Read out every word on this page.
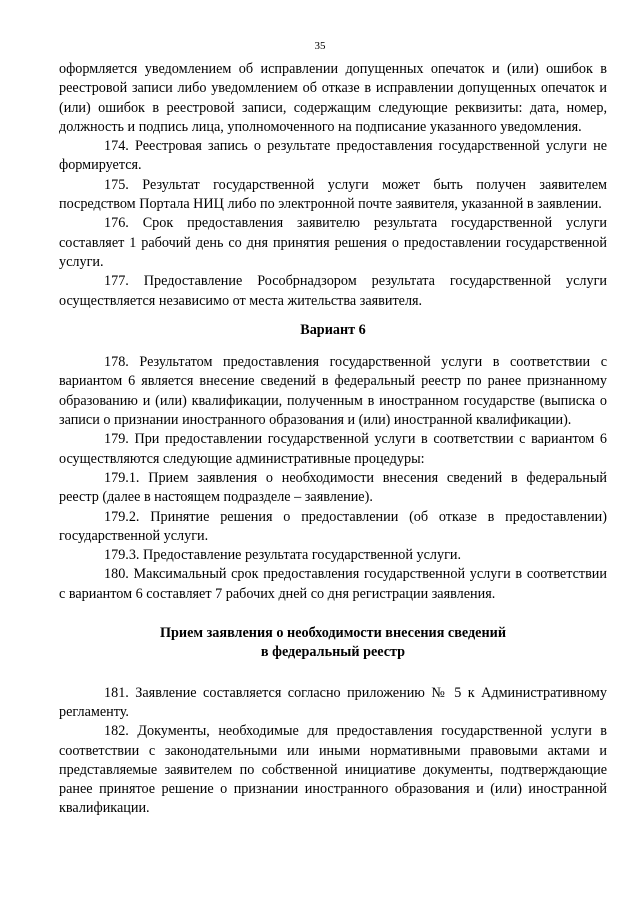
35

оформляется уведомлением об исправлении допущенных опечаток и (или) ошибок в реестровой записи либо уведомлением об отказе в исправлении допущенных опечаток и (или) ошибок в реестровой записи, содержащим следующие реквизиты: дата, номер, должность и подпись лица, уполномоченного на подписание указанного уведомления.

174. Реестровая запись о результате предоставления государственной услуги не формируется.

175. Результат государственной услуги может быть получен заявителем посредством Портала НИЦ либо по электронной почте заявителя, указанной в заявлении.

176. Срок предоставления заявителю результата государственной услуги составляет 1 рабочий день со дня принятия решения о предоставлении государственной услуги.

177. Предоставление Рособрнадзором результата государственной услуги осуществляется независимо от места жительства заявителя.

Вариант 6

178. Результатом предоставления государственной услуги в соответствии с вариантом 6 является внесение сведений в федеральный реестр по ранее признанному образованию и (или) квалификации, полученным в иностранном государстве (выписка о записи о признании иностранного образования и (или) иностранной квалификации).

179. При предоставлении государственной услуги в соответствии с вариантом 6 осуществляются следующие административные процедуры:

179.1. Прием заявления о необходимости внесения сведений в федеральный реестр (далее в настоящем подразделе – заявление).

179.2. Принятие решения о предоставлении (об отказе в предоставлении) государственной услуги.

179.3. Предоставление результата государственной услуги.

180. Максимальный срок предоставления государственной услуги в соответствии с вариантом 6 составляет 7 рабочих дней со дня регистрации заявления.

Прием заявления о необходимости внесения сведений
в федеральный реестр

181. Заявление составляется согласно приложению № 5 к Административному регламенту.

182. Документы, необходимые для предоставления государственной услуги в соответствии с законодательными или иными нормативными правовыми актами и представляемые заявителем по собственной инициативе документы, подтверждающие ранее принятое решение о признании иностранного образования и (или) иностранной квалификации.
